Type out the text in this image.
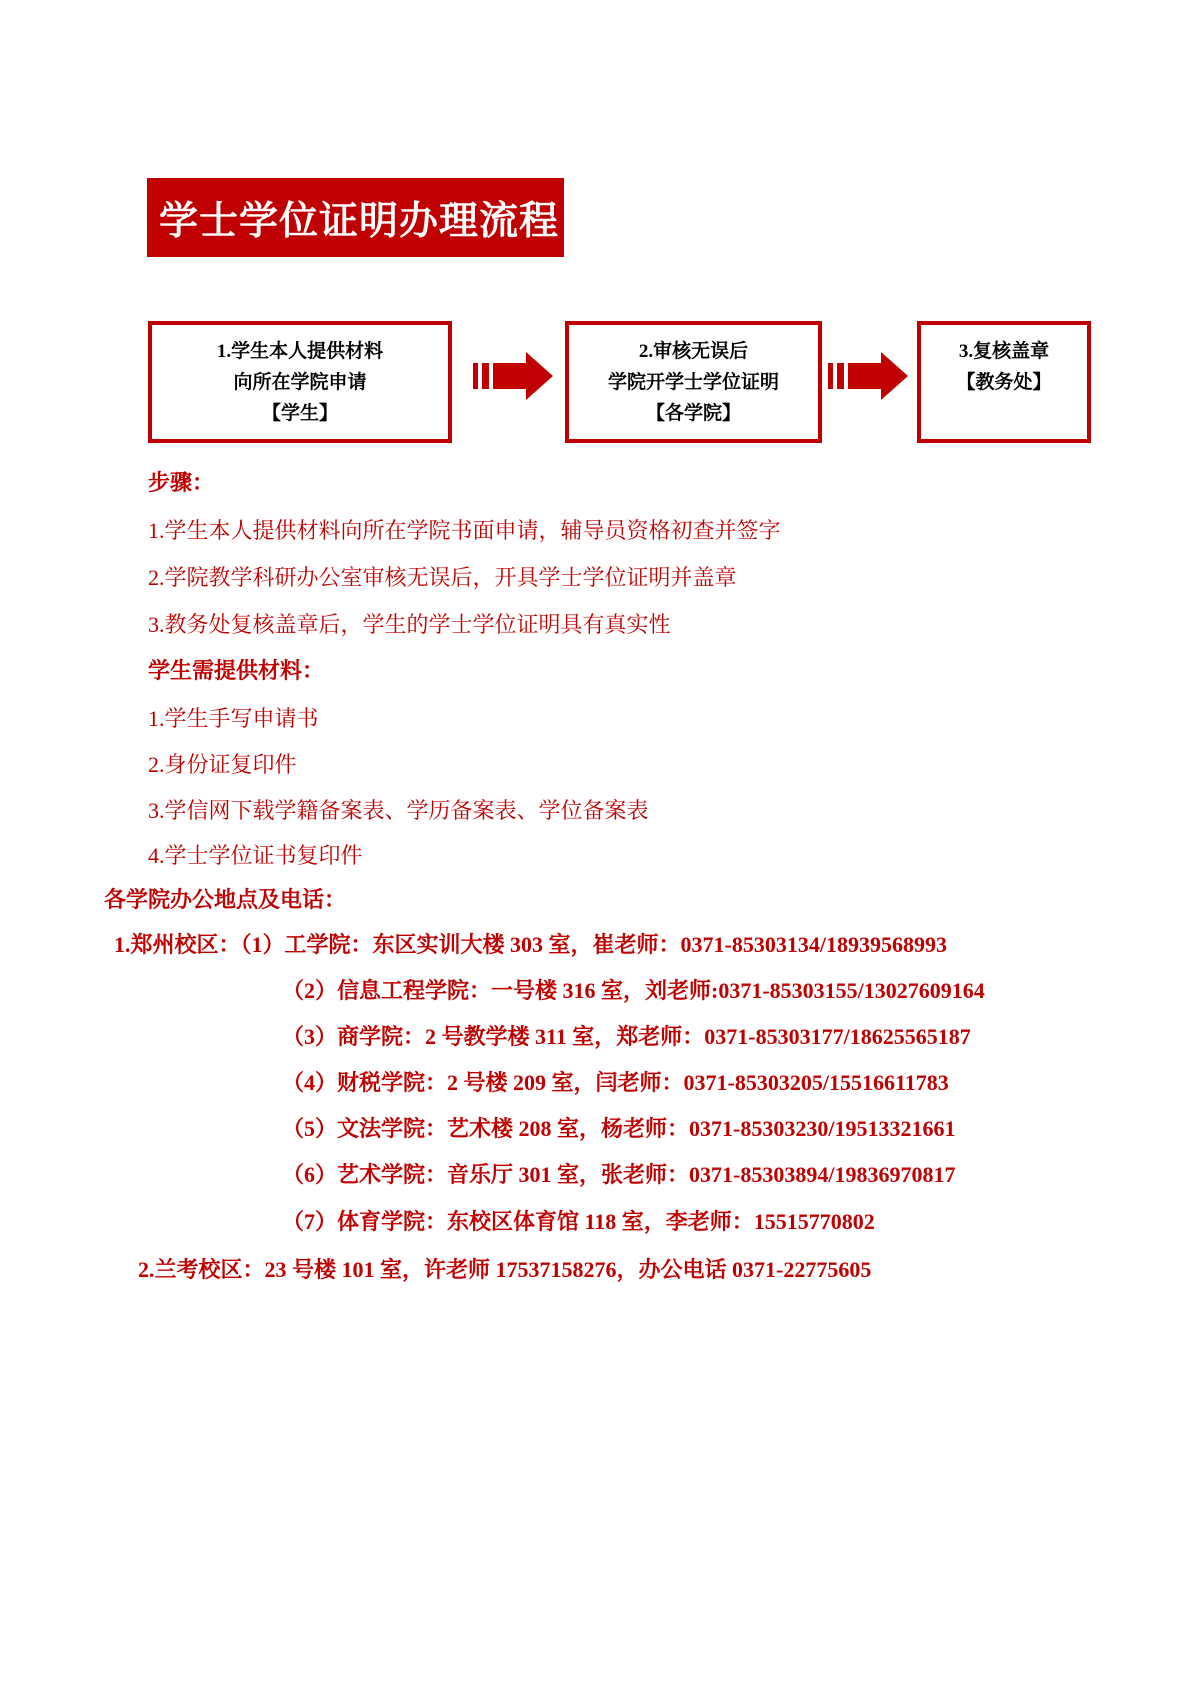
学士学位证明办理流程
1.学生本人提供材料
向所在学院申请
【学生】
2.审核无误后
学院开学士学位证明
【各学院】
3.复核盖章
【教务处】
步骤：
1.学生本人提供材料向所在学院书面申请，辅导员资格初查并签字
2.学院教学科研办公室审核无误后，开具学士学位证明并盖章
3.教务处复核盖章后，学生的学士学位证明具有真实性
学生需提供材料：
1.学生手写申请书
2.身份证复印件
3.学信网下载学籍备案表、学历备案表、学位备案表
4.学士学位证书复印件
各学院办公地点及电话：
1.郑州校区：（1）工学院：东区实训大楼 303 室，崔老师：0371-85303134/18939568993
（2）信息工程学院：一号楼 316 室，刘老师:0371-85303155/13027609164
（3）商学院：2 号教学楼 311 室，郑老师：0371-85303177/18625565187
（4）财税学院：2 号楼 209 室，闫老师：0371-85303205/15516611783
（5）文法学院：艺术楼 208 室，杨老师：0371-85303230/19513321661
（6）艺术学院：音乐厅 301 室，张老师：0371-85303894/19836970817
（7）体育学院：东校区体育馆 118 室，李老师：15515770802
2.兰考校区：23 号楼 101 室，许老师 17537158276，办公电话 0371-22775605
